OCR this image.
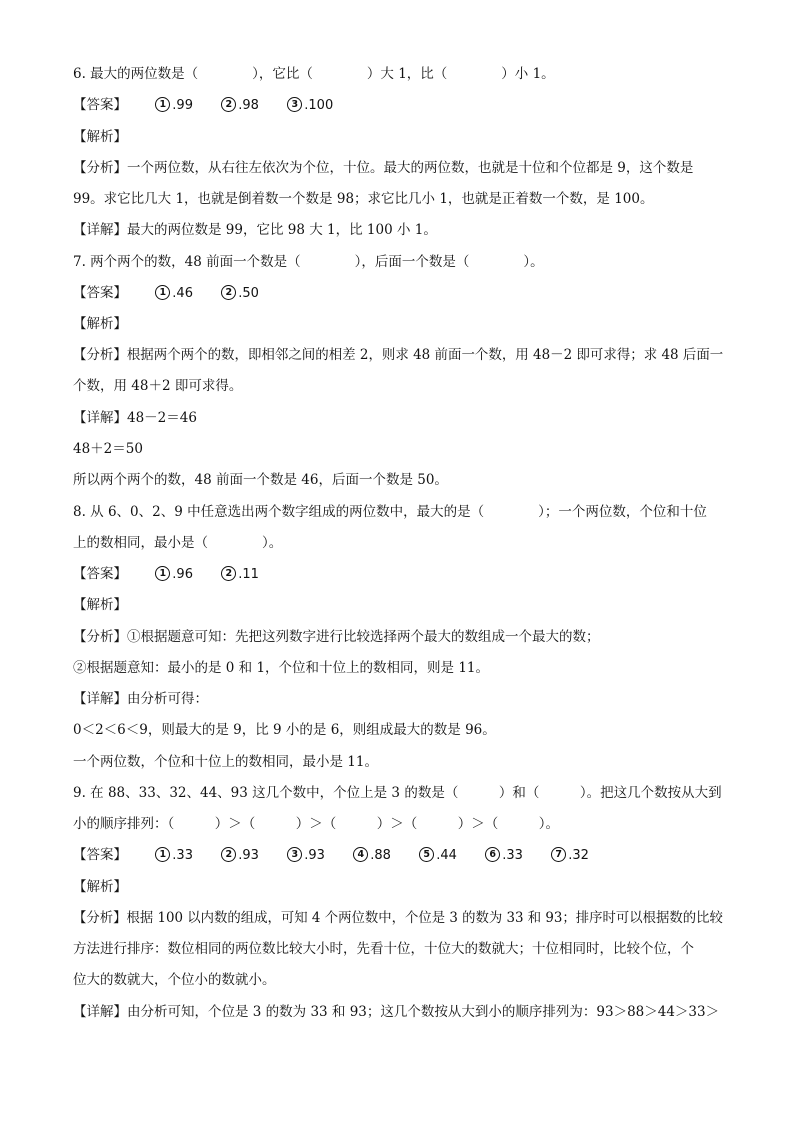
6. 最大的两位数是（　　　　），它比（　　　　）大 1，比（　　　　）小 1。
【答案】	1 .99	2 .98	3 .100
【解析】
【分析】一个两位数，从右往左依次为个位，十位。最大的两位数，也就是十位和个位都是 9，这个数是
99。求它比几大 1，也就是倒着数一个数是 98；求它比几小 1，也就是正着数一个数，是 100。
【详解】最大的两位数是 99，它比 98 大 1，比 100 小 1。
7. 两个两个的数，48 前面一个数是（　　　　），后面一个数是（　　　　）。
【答案】	1 .46	2 .50
【解析】
【分析】根据两个两个的数，即相邻之间的相差 2，则求 48 前面一个数，用 48－2 即可求得；求 48 后面一
个数，用 48＋2 即可求得。
【详解】48－2＝46
48＋2＝50
所以两个两个的数，48 前面一个数是 46，后面一个数是 50。
8. 从 6、0、2、9 中任意选出两个数字组成的两位数中，最大的是（　　　　）；一个两位数，个位和十位
上的数相同，最小是（　　　　）。
【答案】	1 .96	2 .11
【解析】
【分析】①根据题意可知：先把这列数字进行比较选择两个最大的数组成一个最大的数；
②根据题意知：最小的是 0 和 1，个位和十位上的数相同，则是 11。
【详解】由分析可得：
0＜2＜6＜9，则最大的是 9，比 9 小的是 6，则组成最大的数是 96。
一个两位数，个位和十位上的数相同，最小是 11。
9. 在 88、33、32、44、93 这几个数中，个位上是 3 的数是（　　　）和（　　　）。把这几个数按从大到
小的顺序排列：（　　　）＞（　　　）＞（　　　）＞（　　　）＞（　　　）。
【答案】	1 .33	2 .93	3 .93	4 .88	5 .44	6 .33	7 .32
【解析】
【分析】根据 100 以内数的组成，可知 4 个两位数中，个位是 3 的数为 33 和 93；排序时可以根据数的比较
方法进行排序：数位相同的两位数比较大小时，先看十位，十位大的数就大；十位相同时，比较个位，个
位大的数就大，个位小的数就小。
【详解】由分析可知，个位是 3 的数为 33 和 93；这几个数按从大到小的顺序排列为：93＞88＞44＞33＞
